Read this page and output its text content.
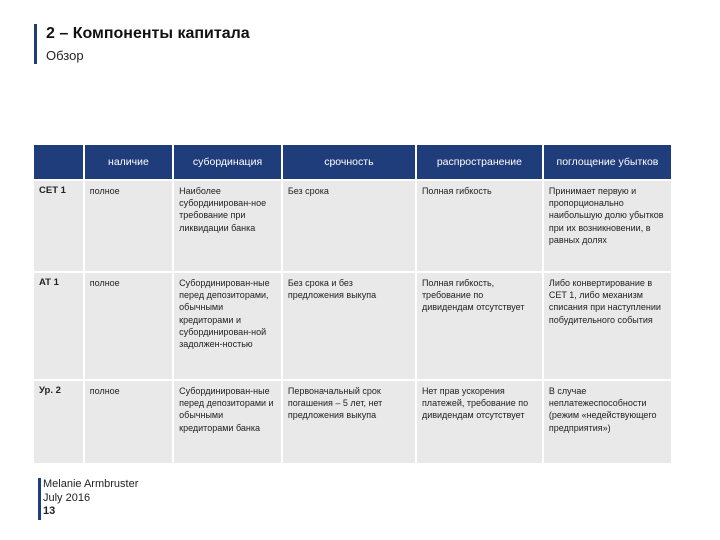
2 – Компоненты капитала
Обзор
	наличие	субординация	срочность	распространение	поглощение убытков
CET 1	полное	Наиболее субординирован-ное требование при ликвидации банка	Без срока	Полная гибкость	Принимает первую и пропорционально наибольшую долю убытков при их возникновении, в равных долях
AT 1	полное	Субординирован-ные перед депозиторами, обычными кредиторами и субординирован-ной задолжен-ностью	Без срока и без предложения выкупа	Полная гибкость, требование по дивидендам отсутствует	Либо конвертирование в CET 1, либо механизм списания при наступлении побудительного события
Ур. 2	полное	Субординирован-ные перед депозиторами и обычными кредиторами банка	Первоначальный срок погашения – 5 лет, нет предложения выкупа	Нет прав ускорения платежей, требование по дивидендам отсутствует	В случае неплатежеспособности (режим «недействующего предприятия»)
Melanie Armbruster
July 2016
13
